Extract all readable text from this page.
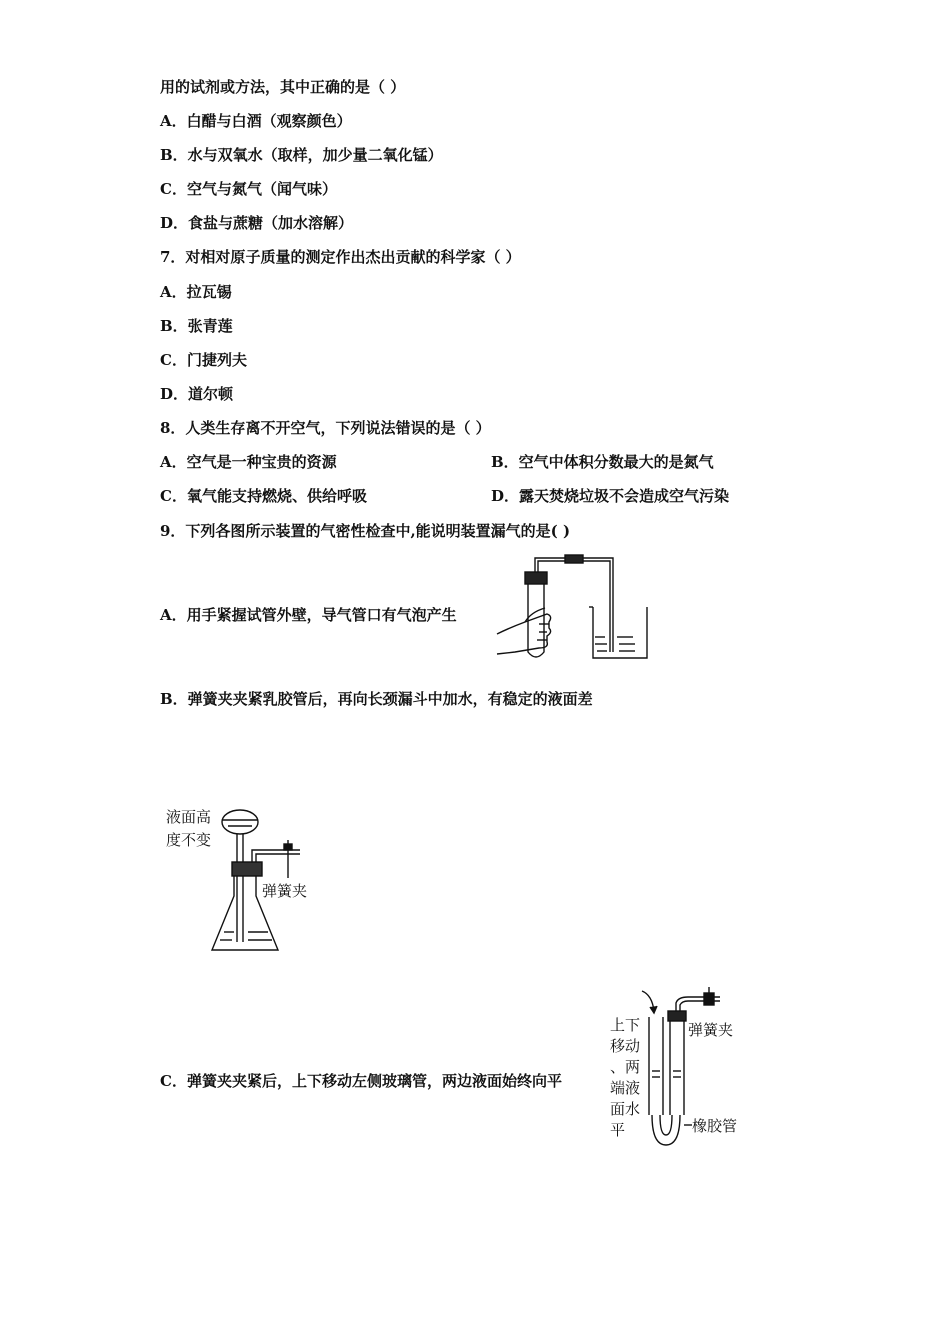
用的试剂或方法，其中正确的是（ ）
A．白醋与白酒（观察颜色）
B．水与双氧水（取样，加少量二氧化锰）
C．空气与氮气（闻气味）
D．食盐与蔗糖（加水溶解）
7．对相对原子质量的测定作出杰出贡献的科学家（ ）
A．拉瓦锡
B．张青莲
C．门捷列夫
D．道尔顿
8．人类生存离不开空气，下列说法错误的是（ ）
A．空气是一种宝贵的资源	B．空气中体积分数最大的是氮气
C．氧气能支持燃烧、供给呼吸	D．露天焚烧垃圾不会造成空气污染
9．下列各图所示装置的气密性检查中,能说明装置漏气的是( )
A．用手紧握试管外壁，导气管口有气泡产生
B．弹簧夹夹紧乳胶管后，再向长颈漏斗中加水，有稳定的液面差
C．弹簧夹夹紧后，上下移动左侧玻璃管，两边液面始终向平
液面高
度不变
弹簧夹
上下
移动
、两
端液
面水
平
弹簧夹
橡胶管
